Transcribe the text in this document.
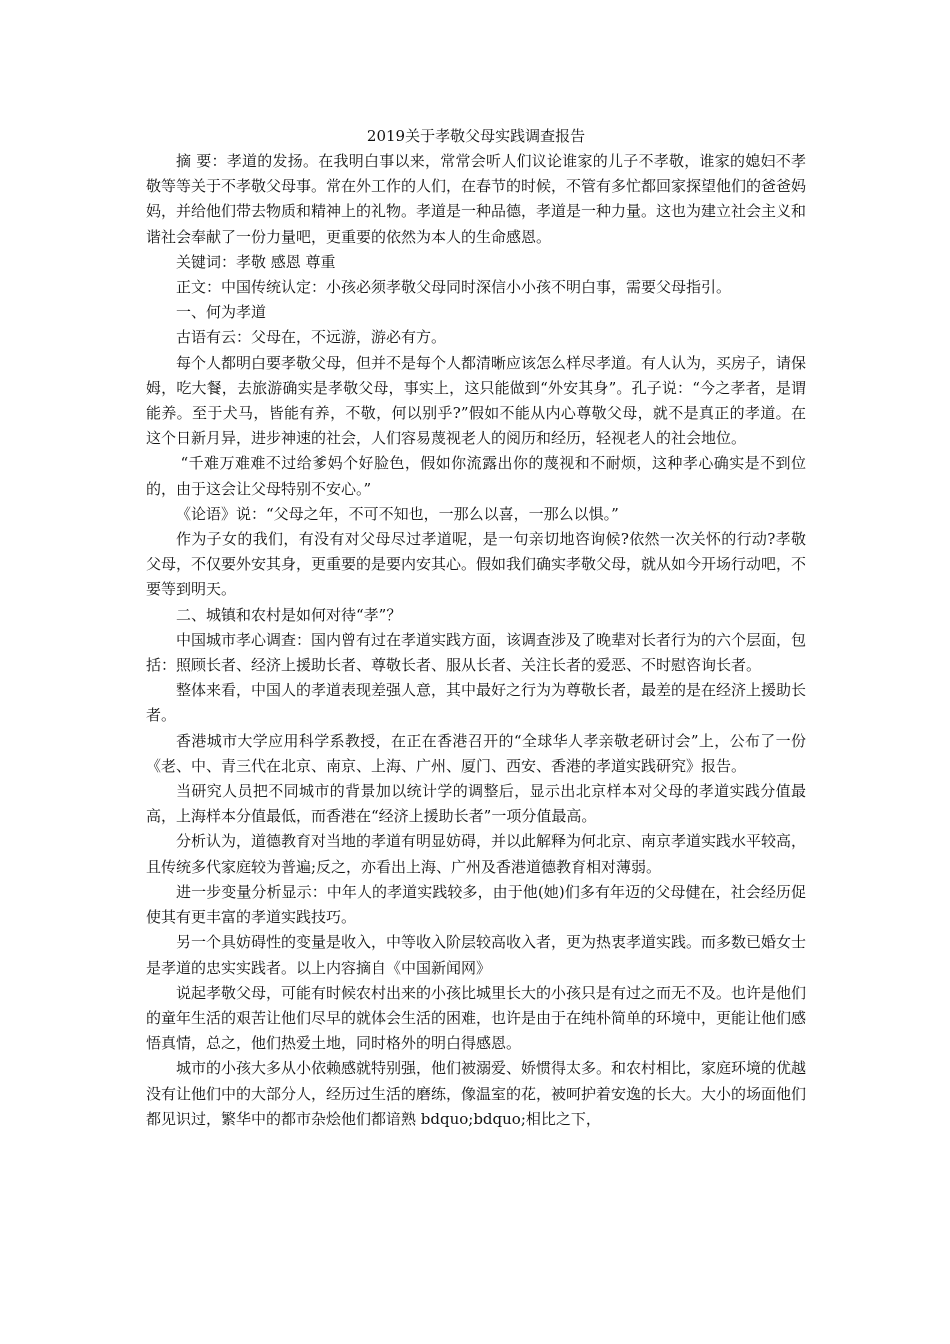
2019关于孝敬父母实践调查报告

摘 要：孝道的发扬。在我明白事以来，常常会听人们议论谁家的儿子不孝敬，谁家的媳妇不孝敬等等关于不孝敬父母事。常在外工作的人们，在春节的时候，不管有多忙都回家探望他们的爸爸妈妈，并给他们带去物质和精神上的礼物。孝道是一种品德，孝道是一种力量。这也为建立社会主义和谐社会奉献了一份力量吧，更重要的依然为本人的生命感恩。

关键词：孝敬 感恩 尊重

正文：中国传统认定：小孩必须孝敬父母同时深信小小孩不明白事，需要父母指引。

一、何为孝道

古语有云：父母在，不远游，游必有方。

每个人都明白要孝敬父母，但并不是每个人都清晰应该怎么样尽孝道。有人认为，买房子，请保姆，吃大餐，去旅游确实是孝敬父母，事实上，这只能做到“外安其身”。孔子说：“今之孝者，是谓能养。至于犬马，皆能有养，不敬，何以别乎?”假如不能从内心尊敬父母，就不是真正的孝道。在这个日新月异，进步神速的社会，人们容易蔑视老人的阅历和经历，轻视老人的社会地位。

“千难万难难不过给爹妈个好脸色，假如你流露出你的蔑视和不耐烦，这种孝心确实是不到位的，由于这会让父母特别不安心。”

《论语》说：“父母之年，不可不知也，一那么以喜，一那么以惧。”

作为子女的我们，有没有对父母尽过孝道呢，是一句亲切地咨询候?依然一次关怀的行动?孝敬父母，不仅要外安其身，更重要的是要内安其心。假如我们确实孝敬父母，就从如今开场行动吧，不要等到明天。

二、城镇和农村是如何对待“孝”？

中国城市孝心调查：国内曾有过在孝道实践方面，该调查涉及了晚辈对长者行为的六个层面，包括：照顾长者、经济上援助长者、尊敬长者、服从长者、关注长者的爱恶、不时慰咨询长者。

整体来看，中国人的孝道表现差强人意，其中最好之行为为尊敬长者，最差的是在经济上援助长者。

香港城市大学应用科学系教授，在正在香港召开的“全球华人孝亲敬老研讨会”上，公布了一份《老、中、青三代在北京、南京、上海、广州、厦门、西安、香港的孝道实践研究》报告。

当研究人员把不同城市的背景加以统计学的调整后，显示出北京样本对父母的孝道实践分值最高，上海样本分值最低，而香港在“经济上援助长者”一项分值最高。

分析认为，道德教育对当地的孝道有明显妨碍，并以此解释为何北京、南京孝道实践水平较高，且传统多代家庭较为普遍;反之，亦看出上海、广州及香港道德教育相对薄弱。

进一步变量分析显示：中年人的孝道实践较多，由于他(她)们多有年迈的父母健在，社会经历促使其有更丰富的孝道实践技巧。

另一个具妨碍性的变量是收入，中等收入阶层较高收入者，更为热衷孝道实践。而多数已婚女士是孝道的忠实实践者。以上内容摘自《中国新闻网》

说起孝敬父母，可能有时候农村出来的小孩比城里长大的小孩只是有过之而无不及。也许是他们的童年生活的艰苦让他们尽早的就体会生活的困难，也许是由于在纯朴简单的环境中，更能让他们感悟真情，总之，他们热爱土地，同时格外的明白得感恩。

城市的小孩大多从小依赖感就特别强，他们被溺爱、娇惯得太多。和农村相比，家庭环境的优越没有让他们中的大部分人，经历过生活的磨练，像温室的花，被呵护着安逸的长大。大小的场面他们都见识过，繁华中的都市杂烩他们都谙熟 bdquo;bdquo;相比之下，
